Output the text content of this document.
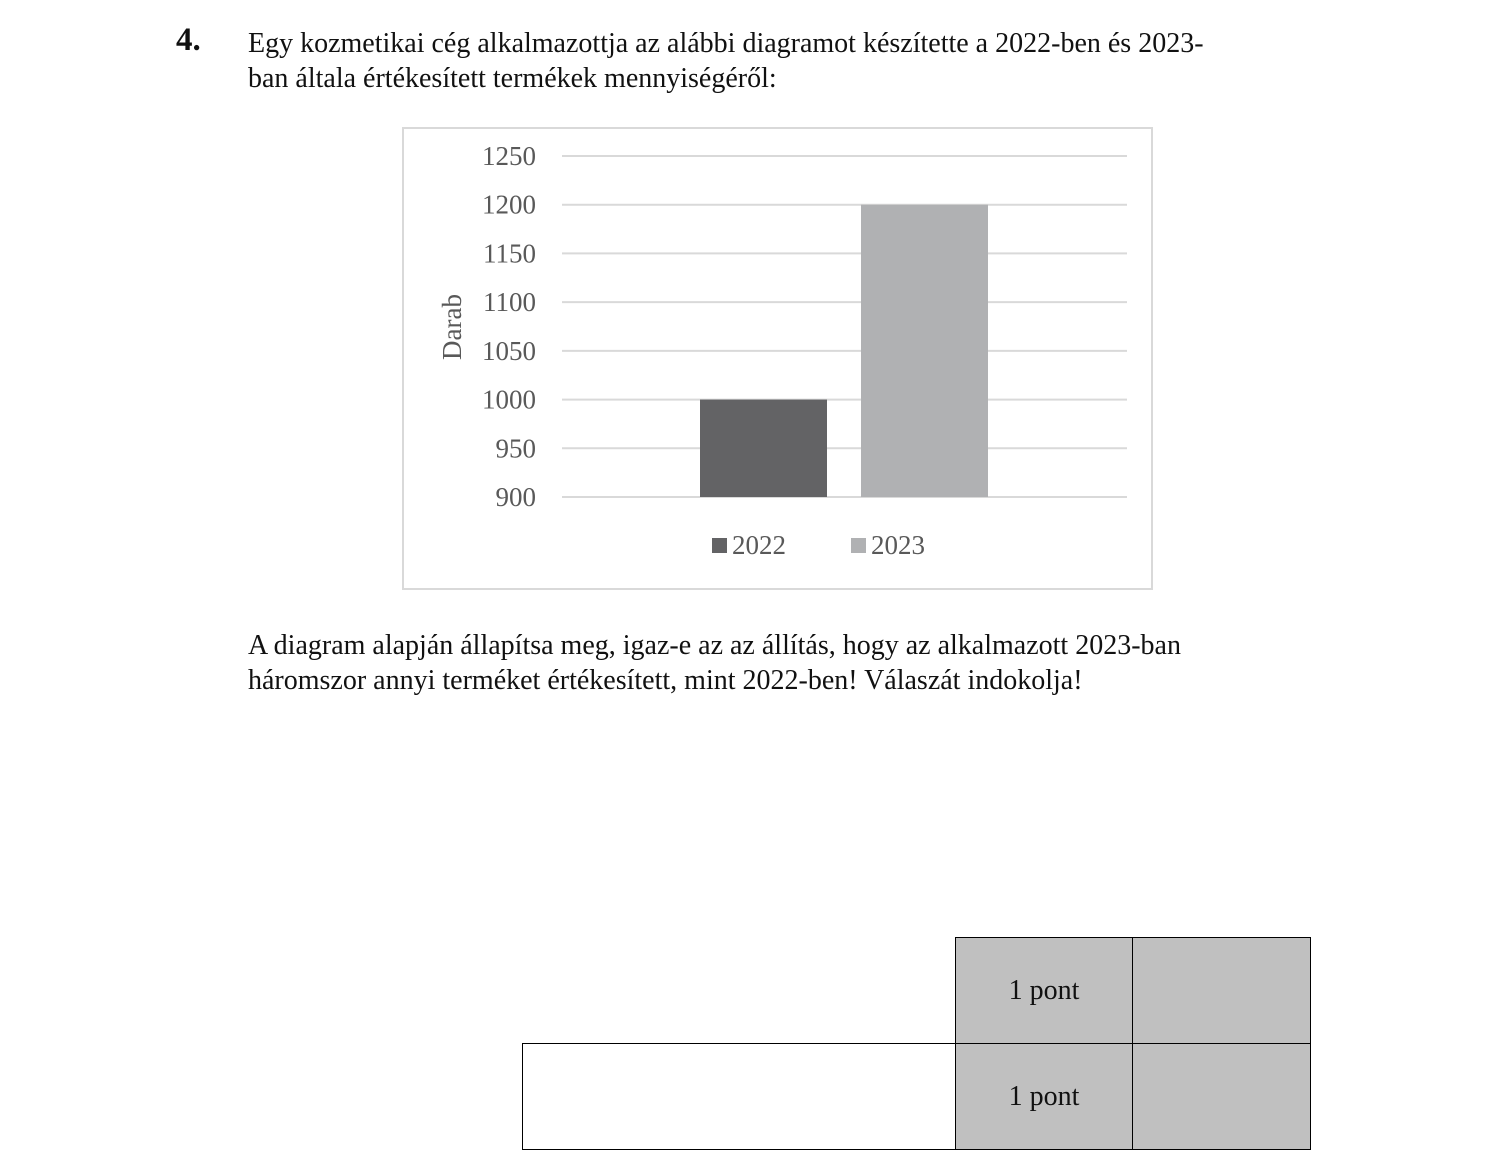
4. Egy kozmetikai cég alkalmazottja az alábbi diagramot készítette a 2022-ben és 2023-
ban általa értékesített termékek mennyiségéről:
900
950
1000
1050
1100
1150
1200
1250
Darab
2022	2023
A diagram alapján állapítsa meg, igaz-e az az állítás, hogy az alkalmazott 2023-ban
háromszor annyi terméket értékesített, mint 2022-ben! Válaszát indokolja!
1 pont
1 pont
